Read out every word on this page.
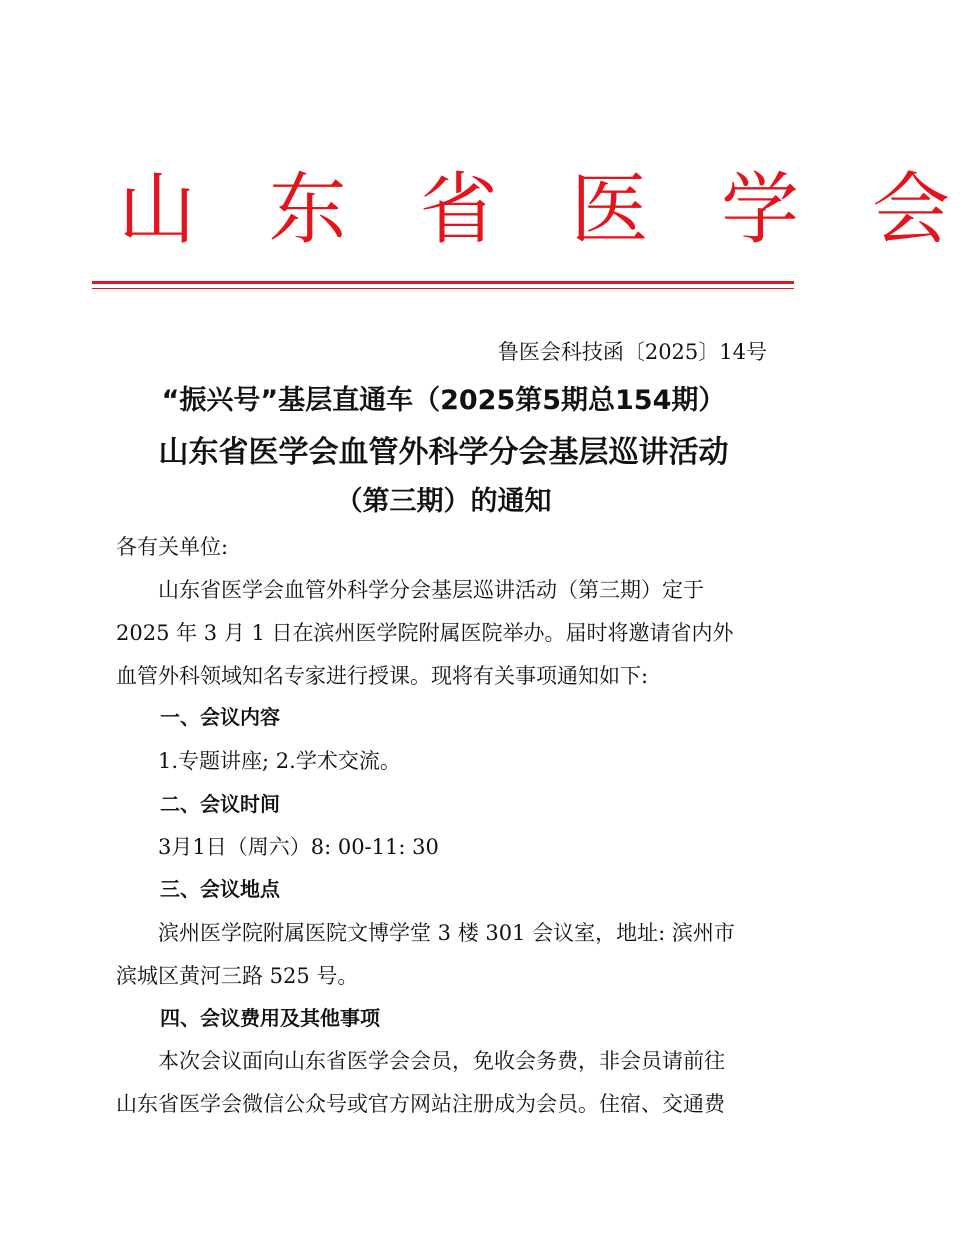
山 东 省 医 学 会
鲁医会科技函〔2025〕14号
“振兴号”基层直通车（2025第5期总154期）
山东省医学会血管外科学分会基层巡讲活动
（第三期）的通知
各有关单位:
山东省医学会血管外科学分会基层巡讲活动（第三期）定于
2025 年 3 月 1 日在滨州医学院附属医院举办。届时将邀请省内外
血管外科领域知名专家进行授课。现将有关事项通知如下:
一、会议内容
1.专题讲座; 2.学术交流。
二、会议时间
3月1日（周六）8: 00-11: 30
三、会议地点
滨州医学院附属医院文博学堂 3 楼 301 会议室，地址: 滨州市
滨城区黄河三路 525 号。
四、会议费用及其他事项
本次会议面向山东省医学会会员，免收会务费，非会员请前往
山东省医学会微信公众号或官方网站注册成为会员。住宿、交通费
